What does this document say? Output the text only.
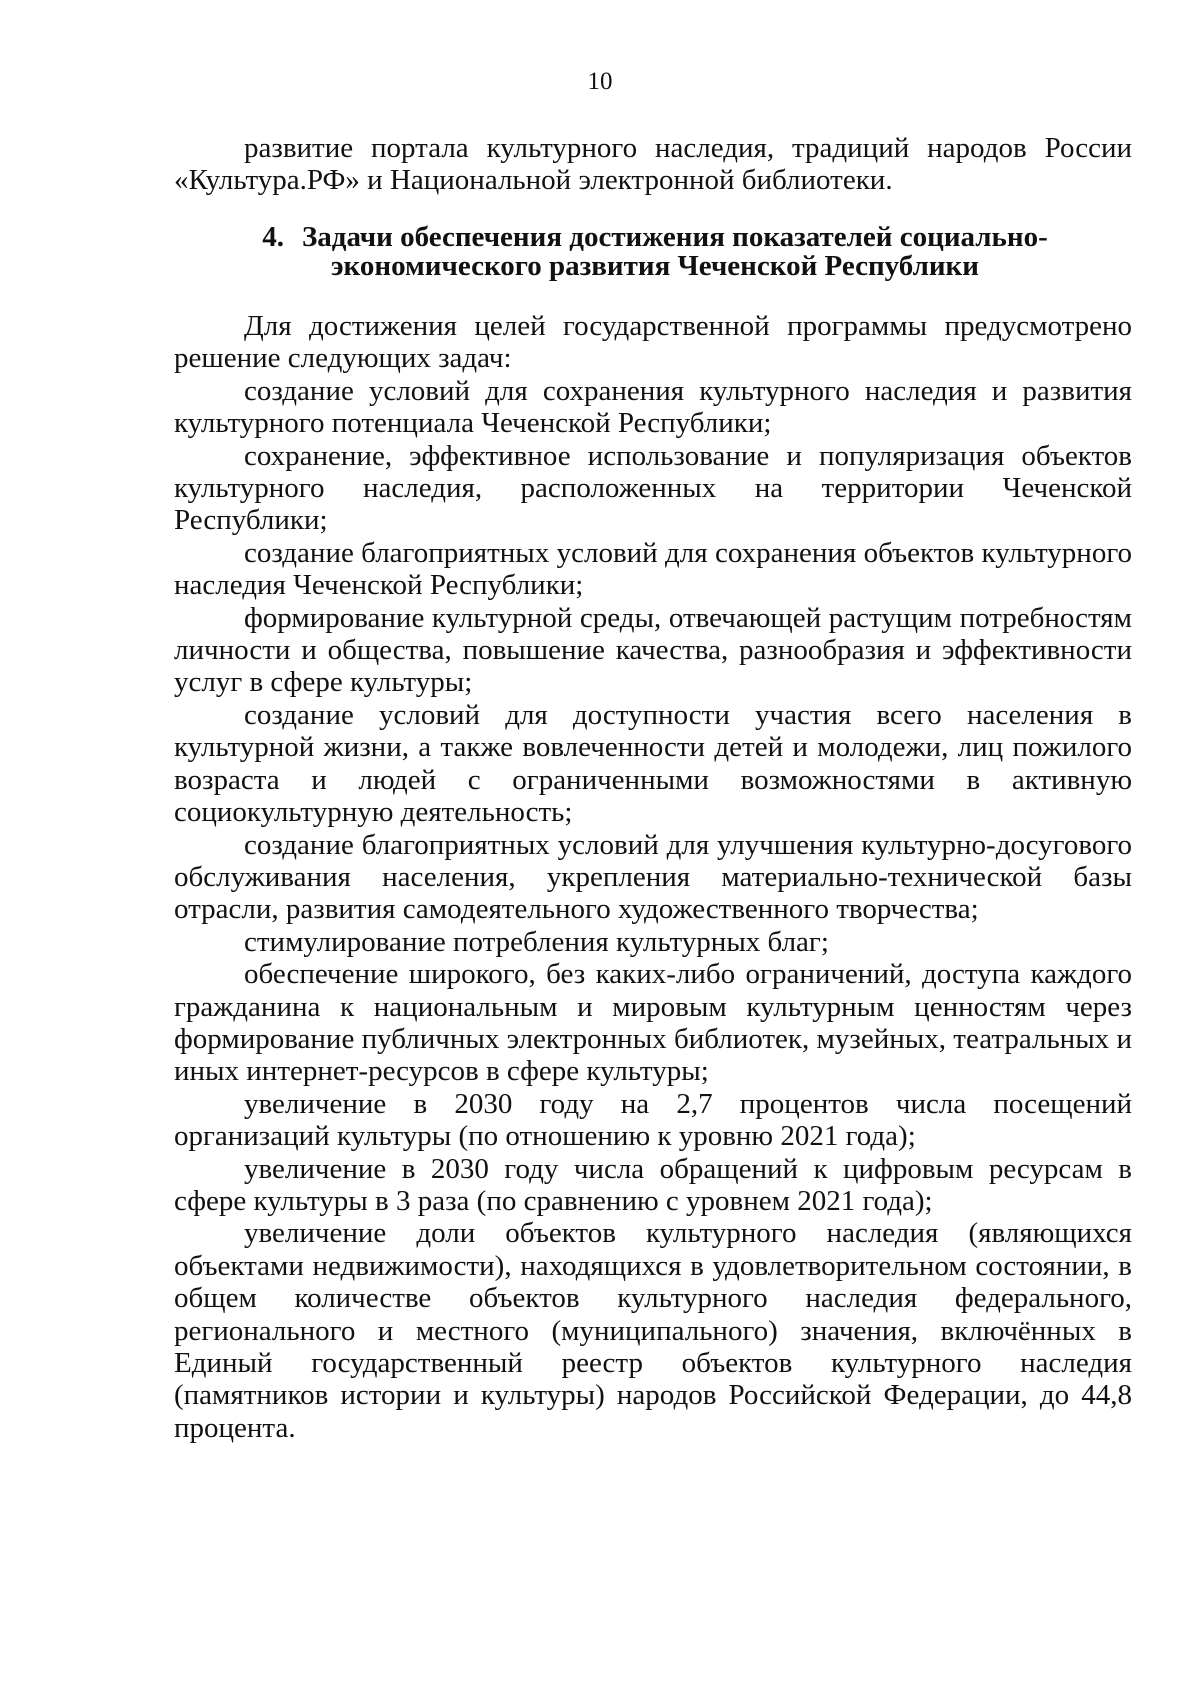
10

развитие портала культурного наследия, традиций народов России «Культура.РФ» и Национальной электронной библиотеки.

4. Задачи обеспечения достижения показателей социально-
экономического развития Чеченской Республики

Для достижения целей государственной программы предусмотрено решение следующих задач:

создание условий для сохранения культурного наследия и развития культурного потенциала Чеченской Республики;

сохранение, эффективное использование и популяризация объектов культурного наследия, расположенных на территории Чеченской Республики;

создание благоприятных условий для сохранения объектов культурного наследия Чеченской Республики;

формирование культурной среды, отвечающей растущим потребностям личности и общества, повышение качества, разнообразия и эффективности услуг в сфере культуры;

создание условий для доступности участия всего населения в культурной жизни, а также вовлеченности детей и молодежи, лиц пожилого возраста и людей с ограниченными возможностями в активную социокультурную деятельность;

создание благоприятных условий для улучшения культурно-досугового обслуживания населения, укрепления материально-технической базы отрасли, развития самодеятельного художественного творчества;

стимулирование потребления культурных благ;

обеспечение широкого, без каких-либо ограничений, доступа каждого гражданина к национальным и мировым культурным ценностям через формирование публичных электронных библиотек, музейных, театральных и иных интернет-ресурсов в сфере культуры;

увеличение в 2030 году на 2,7 процентов числа посещений организаций культуры (по отношению к уровню 2021 года);

увеличение в 2030 году числа обращений к цифровым ресурсам в сфере культуры в 3 раза (по сравнению с уровнем 2021 года);

увеличение доли объектов культурного наследия (являющихся объектами недвижимости), находящихся в удовлетворительном состоянии, в общем количестве объектов культурного наследия федерального, регионального и местного (муниципального) значения, включённых в Единый государственный реестр объектов культурного наследия (памятников истории и культуры) народов Российской Федерации, до 44,8 процента.
